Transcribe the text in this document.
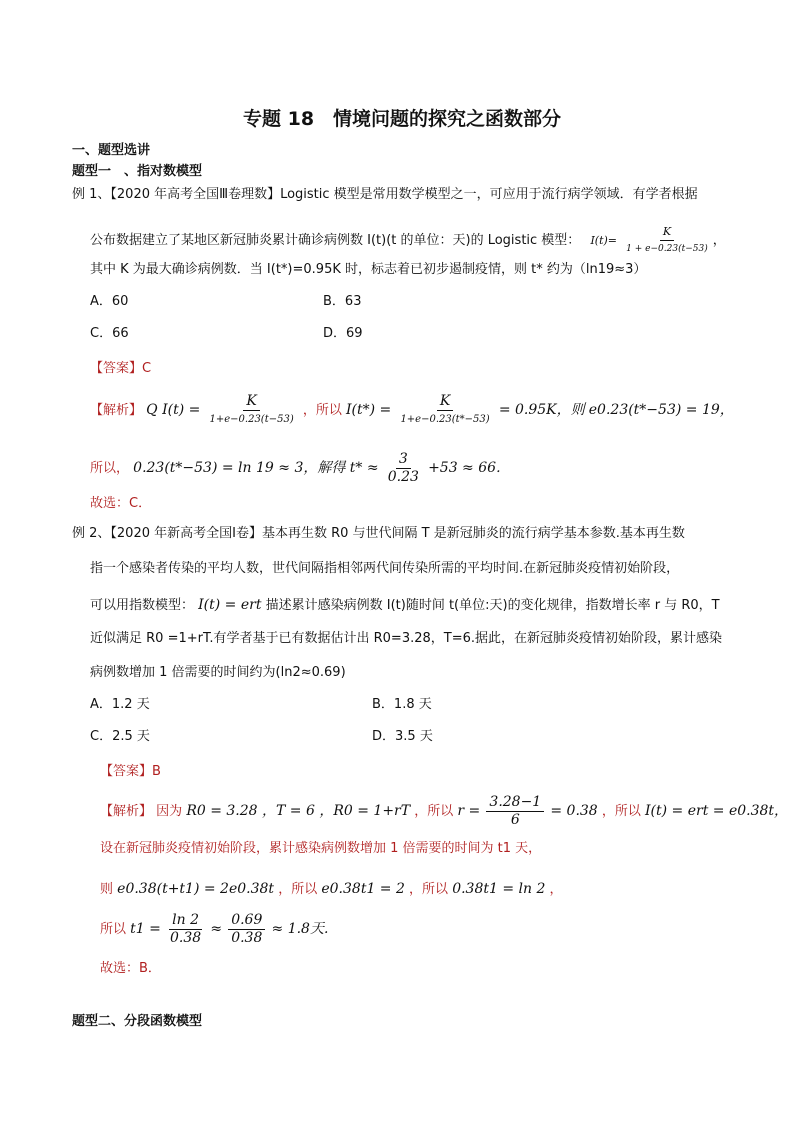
专题 18　情境问题的探究之函数部分
一、题型选讲
题型一　、指对数模型
例 1、【2020 年高考全国Ⅲ卷理数】Logistic 模型是常用数学模型之一，可应用于流行病学领域．有学者根据
公布数据建立了某地区新冠肺炎累计确诊病例数 I(t)(t 的单位：天)的 Logistic 模型： $I(t)= \frac{K}{1 + e-0.23(t-53)}$ ，
其中 K 为最大确诊病例数．当 I(t*)=0.95K 时，标志着已初步遏制疫情，则 t* 约为（ln19≈3）
A．60	B．63
C．66	D．69
【答案】C
【解析】 Q $I(t) = \frac{K}{1+e-0.23(t-53)}$ ，所以 $I(t*) = \frac{K}{1+e-0.23(t*-53)} = 0.95K$，则 e0.23(t*−53) = 19，
所以， 0.23(t*−53) = ln 19 ≈ 3，解得 $t* \approx \frac{3}{0.23} +53 \approx 66$．
故选：C．
例 2、【2020 年新高考全国Ⅰ卷】基本再生数 R0 与世代间隔 T 是新冠肺炎的流行病学基本参数.基本再生数
指一个感染者传染的平均人数，世代间隔指相邻两代间传染所需的平均时间.在新冠肺炎疫情初始阶段，
可以用指数模型： I(t) = ert 描述累计感染病例数 I(t)随时间 t(单位:天)的变化规律，指数增长率 r 与 R0，T
近似满足 R0 =1+rT.有学者基于已有数据估计出 R0=3.28，T=6.据此，在新冠肺炎疫情初始阶段，累计感染
病例数增加 1 倍需要的时间约为(ln2≈0.69)
A．1.2 天	B．1.8 天
C．2.5 天	D．3.5 天
【答案】B
【解析】 因为 R0 = 3.28 ，T = 6 ，R0 = 1+rT ，所以 $r = \frac{3.28-1}{6} = 0.38$ ，所以 I(t) = ert = e0.38t，
设在新冠肺炎疫情初始阶段，累计感染病例数增加 1 倍需要的时间为 t1 天，
则 e0.38(t+t1) = 2e0.38t ，所以 e0.38t1 = 2 ，所以 0.38t1 = ln 2 ，
所以 $t1 = \frac{\ln 2}{0.38} \approx \frac{0.69}{0.38} \approx 1.8$天.
故选：B．
题型二、分段函数模型
